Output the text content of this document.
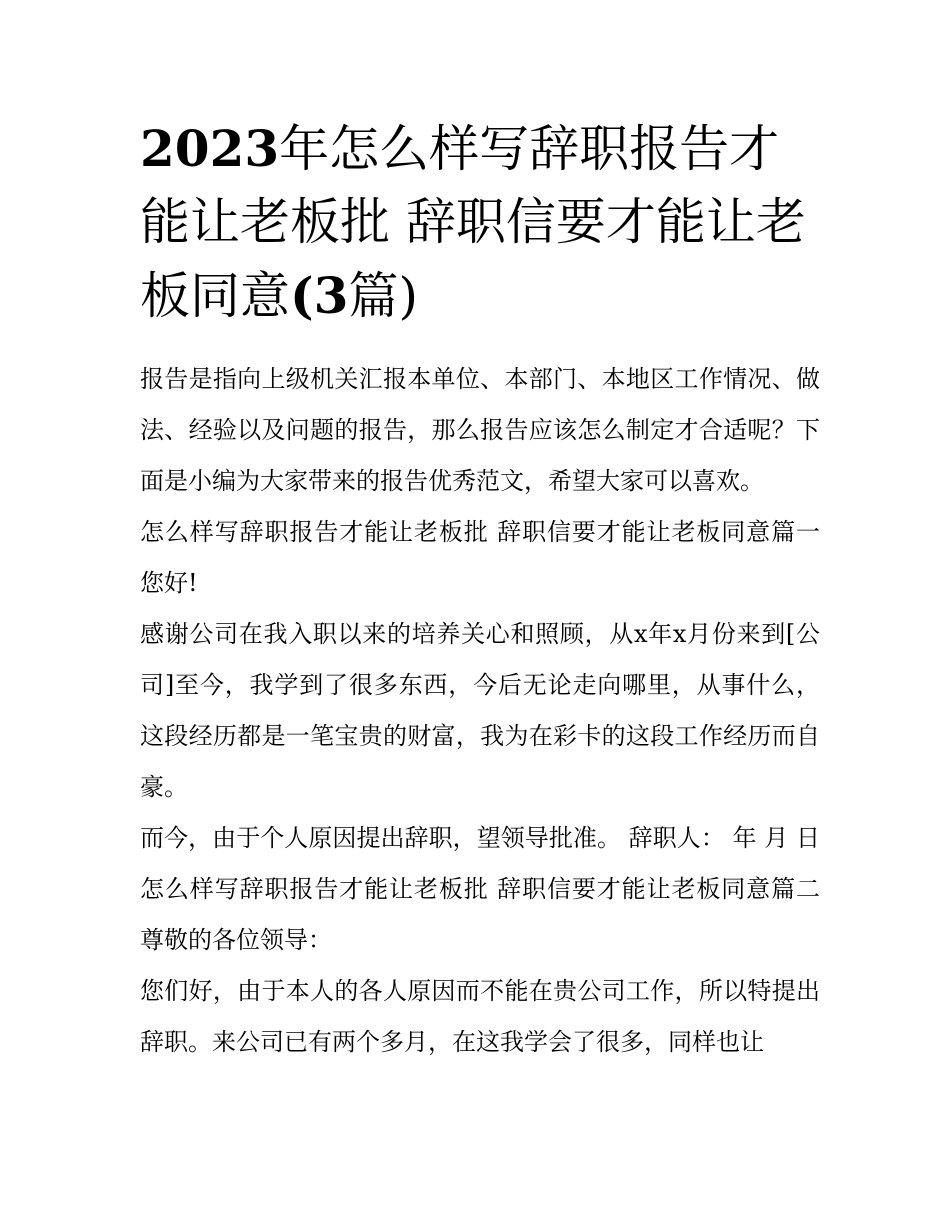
2023年怎么样写辞职报告才能让老板批 辞职信要才能让老板同意(3篇)

报告是指向上级机关汇报本单位、本部门、本地区工作情况、做法、经验以及问题的报告，那么报告应该怎么制定才合适呢？下面是小编为大家带来的报告优秀范文，希望大家可以喜欢。

怎么样写辞职报告才能让老板批 辞职信要才能让老板同意篇一 您好!

感谢公司在我入职以来的培养关心和照顾，从x年x月份来到[公司]至今，我学到了很多东西，今后无论走向哪里，从事什么，这段经历都是一笔宝贵的财富，我为在彩卡的这段工作经历而自豪。

而今，由于个人原因提出辞职，望领导批准。 辞职人： 年 月 日 怎么样写辞职报告才能让老板批 辞职信要才能让老板同意篇二 尊敬的各位领导：

您们好，由于本人的各人原因而不能在贵公司工作，所以特提出辞职。来公司已有两个多月，在这我学会了很多，同样也让
